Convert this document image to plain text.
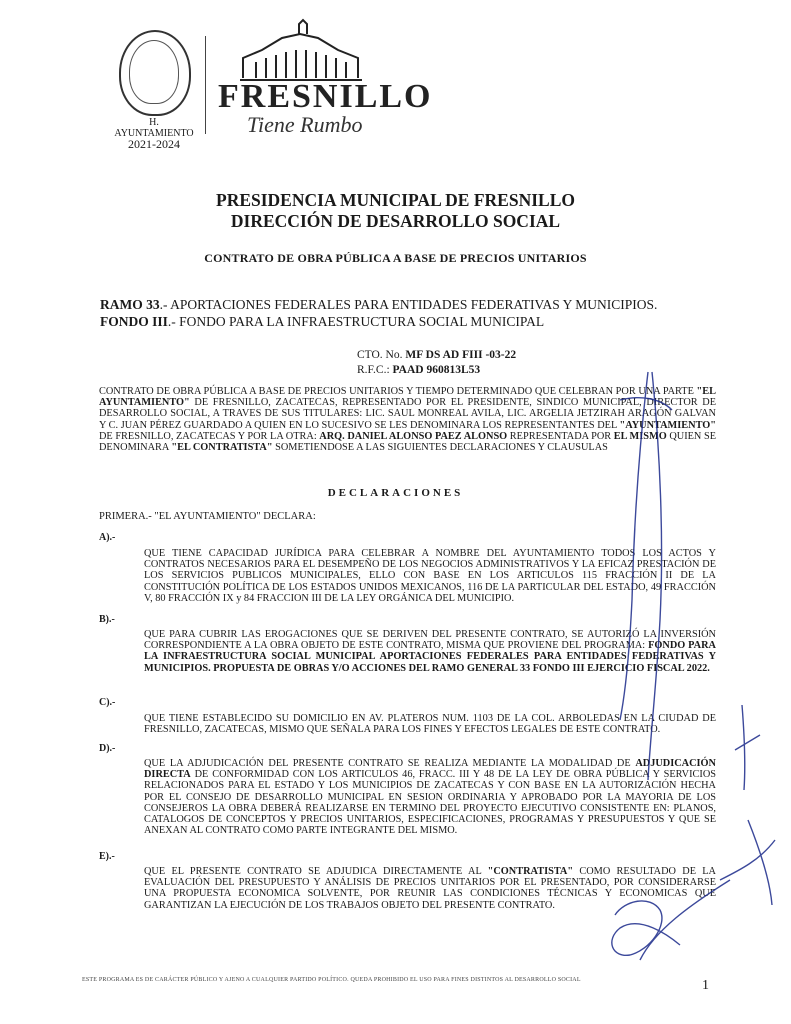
H. AYUNTAMIENTO
2021-2024
FRESNILLO
Tiene Rumbo
PRESIDENCIA MUNICIPAL DE FRESNILLO
DIRECCIÓN DE DESARROLLO SOCIAL
CONTRATO DE OBRA PÚBLICA A BASE DE PRECIOS UNITARIOS
RAMO 33.- APORTACIONES FEDERALES PARA ENTIDADES FEDERATIVAS Y MUNICIPIOS.
FONDO III.- FONDO PARA LA INFRAESTRUCTURA SOCIAL MUNICIPAL
CTO. No. MF DS AD FIII -03-22
R.F.C.: PAAD 960813L53
CONTRATO DE OBRA PÚBLICA A BASE DE PRECIOS UNITARIOS Y TIEMPO DETERMINADO QUE CELEBRAN POR UNA PARTE "EL AYUNTAMIENTO" DE FRESNILLO, ZACATECAS, REPRESENTADO POR EL PRESIDENTE, SINDICO MUNICIPAL, DIRECTOR DE DESARROLLO SOCIAL, A TRAVES DE SUS TITULARES: LIC. SAUL MONREAL AVILA, LIC. ARGELIA JETZIRAH ARAGÓN GALVAN Y C. JUAN PÉREZ GUARDADO A QUIEN EN LO SUCESIVO SE LES DENOMINARA LOS REPRESENTANTES DEL "AYUNTAMIENTO" DE FRESNILLO, ZACATECAS Y POR LA OTRA: ARQ. DANIEL ALONSO PAEZ ALONSO REPRESENTADA POR EL MISMO QUIEN SE DENOMINARA "EL CONTRATISTA" SOMETIENDOSE A LAS SIGUIENTES DECLARACIONES Y CLAUSULAS
DECLARACIONES
PRIMERA.- "EL AYUNTAMIENTO" DECLARA:
A).-
QUE TIENE CAPACIDAD JURÍDICA PARA CELEBRAR A NOMBRE DEL AYUNTAMIENTO TODOS LOS ACTOS Y CONTRATOS NECESARIOS PARA EL DESEMPEÑO DE LOS NEGOCIOS ADMINISTRATIVOS Y LA EFICAZ PRESTACIÓN DE LOS SERVICIOS PUBLICOS MUNICIPALES, ELLO CON BASE EN LOS ARTICULOS 115 FRACCIÓN II DE LA CONSTITUCIÓN POLÍTICA DE LOS ESTADOS UNIDOS MEXICANOS, 116 DE LA PARTICULAR DEL ESTADO, 49 FRACCIÓN V, 80 FRACCIÓN IX y 84 FRACCION III DE LA LEY ORGÁNICA DEL MUNICIPIO.
B).-
QUE PARA CUBRIR LAS EROGACIONES QUE SE DERIVEN DEL PRESENTE CONTRATO, SE AUTORIZÓ LA INVERSIÓN CORRESPONDIENTE A LA OBRA OBJETO DE ESTE CONTRATO, MISMA QUE PROVIENE DEL PROGRAMA: FONDO PARA LA INFRAESTRUCTURA SOCIAL MUNICIPAL APORTACIONES FEDERALES PARA ENTIDADES FEDERATIVAS Y MUNICIPIOS. PROPUESTA DE OBRAS Y/O ACCIONES DEL RAMO GENERAL 33 FONDO III EJERCICIO FISCAL 2022.
C).-
QUE TIENE ESTABLECIDO SU DOMICILIO EN AV. PLATEROS NUM. 1103 DE LA COL. ARBOLEDAS EN LA CIUDAD DE FRESNILLO, ZACATECAS, MISMO QUE SEÑALA PARA LOS FINES Y EFECTOS LEGALES DE ESTE CONTRATO.
D).-
QUE LA ADJUDICACIÓN DEL PRESENTE CONTRATO SE REALIZA MEDIANTE LA MODALIDAD DE ADJUDICACIÓN DIRECTA DE CONFORMIDAD CON LOS ARTICULOS 46, FRACC. III Y 48 DE LA LEY DE OBRA PÚBLICA Y SERVICIOS RELACIONADOS PARA EL ESTADO Y LOS MUNICIPIOS DE ZACATECAS Y CON BASE EN LA AUTORIZACIÓN HECHA POR EL CONSEJO DE DESARROLLO MUNICIPAL EN SESION ORDINARIA Y APROBADO POR LA MAYORIA DE LOS CONSEJEROS LA OBRA DEBERÁ REALIZARSE EN TERMINO DEL PROYECTO EJECUTIVO CONSISTENTE EN: PLANOS, CATALOGOS DE CONCEPTOS Y PRECIOS UNITARIOS, ESPECIFICACIONES, PROGRAMAS Y PRESUPUESTOS Y QUE SE ANEXAN AL CONTRATO COMO PARTE INTEGRANTE DEL MISMO.
E).-
QUE EL PRESENTE CONTRATO SE ADJUDICA DIRECTAMENTE AL "CONTRATISTA" COMO RESULTADO DE LA EVALUACIÓN DEL PRESUPUESTO Y ANÁLISIS DE PRECIOS UNITARIOS POR EL PRESENTADO, POR CONSIDERARSE UNA PROPUESTA ECONOMICA SOLVENTE, POR REUNIR LAS CONDICIONES TÉCNICAS Y ECONOMICAS QUE GARANTIZAN LA EJECUCIÓN DE LOS TRABAJOS OBJETO DEL PRESENTE CONTRATO.
ESTE PROGRAMA ES DE CARÁCTER PÚBLICO Y AJENO A CUALQUIER PARTIDO POLÍTICO. QUEDA PROHIBIDO EL USO PARA FINES DISTINTOS AL DESARROLLO SOCIAL	1
